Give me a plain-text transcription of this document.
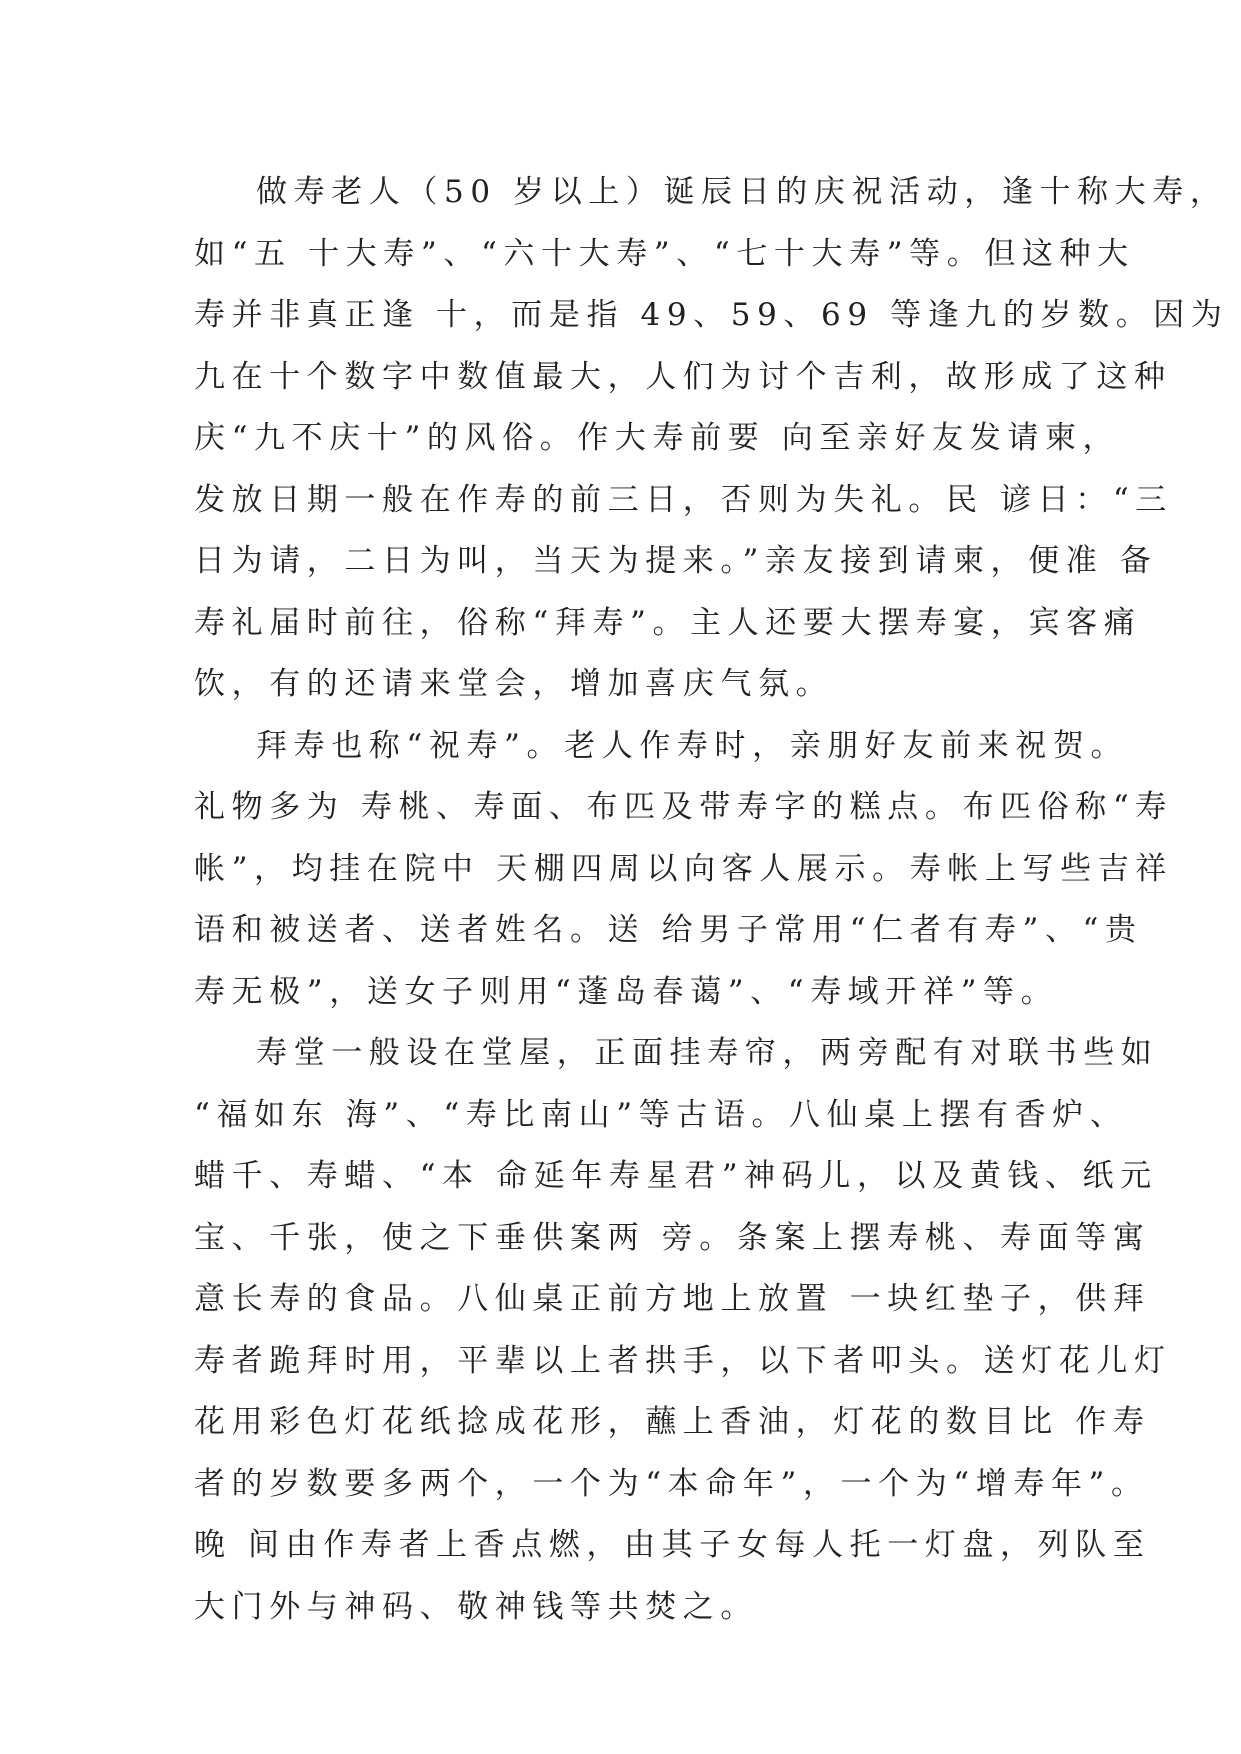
做寿老人（50 岁以上）诞辰日的庆祝活动，逢十称大寿，
如“五 十大寿”、“六十大寿”、“七十大寿”等。但这种大
寿并非真正逢 十，而是指 49、59、69 等逢九的岁数。因为
九在十个数字中数值最大，人们为讨个吉利，故形成了这种
庆“九不庆十”的风俗。作大寿前要 向至亲好友发请柬，
发放日期一般在作寿的前三日，否则为失礼。民 谚日：“三
日为请，二日为叫，当天为提来。”亲友接到请柬，便准 备
寿礼届时前往，俗称“拜寿”。主人还要大摆寿宴，宾客痛
饮，有的还请来堂会，增加喜庆气氛。
拜寿也称“祝寿”。老人作寿时，亲朋好友前来祝贺。
礼物多为 寿桃、寿面、布匹及带寿字的糕点。布匹俗称“寿
帐”，均挂在院中 天棚四周以向客人展示。寿帐上写些吉祥
语和被送者、送者姓名。送 给男子常用“仁者有寿”、“贵
寿无极”，送女子则用“蓬岛春蔼”、“寿域开祥”等。
寿堂一般设在堂屋，正面挂寿帘，两旁配有对联书些如
“福如东 海”、“寿比南山”等古语。八仙桌上摆有香炉、
蜡千、寿蜡、“本 命延年寿星君”神码儿，以及黄钱、纸元
宝、千张，使之下垂供案两 旁。条案上摆寿桃、寿面等寓
意长寿的食品。八仙桌正前方地上放置 一块红垫子，供拜
寿者跪拜时用，平辈以上者拱手，以下者叩头。送灯花儿灯
花用彩色灯花纸捻成花形，蘸上香油，灯花的数目比 作寿
者的岁数要多两个，一个为“本命年”，一个为“增寿年”。
晚 间由作寿者上香点燃，由其子女每人托一灯盘，列队至
大门外与神码、敬神钱等共焚之。
